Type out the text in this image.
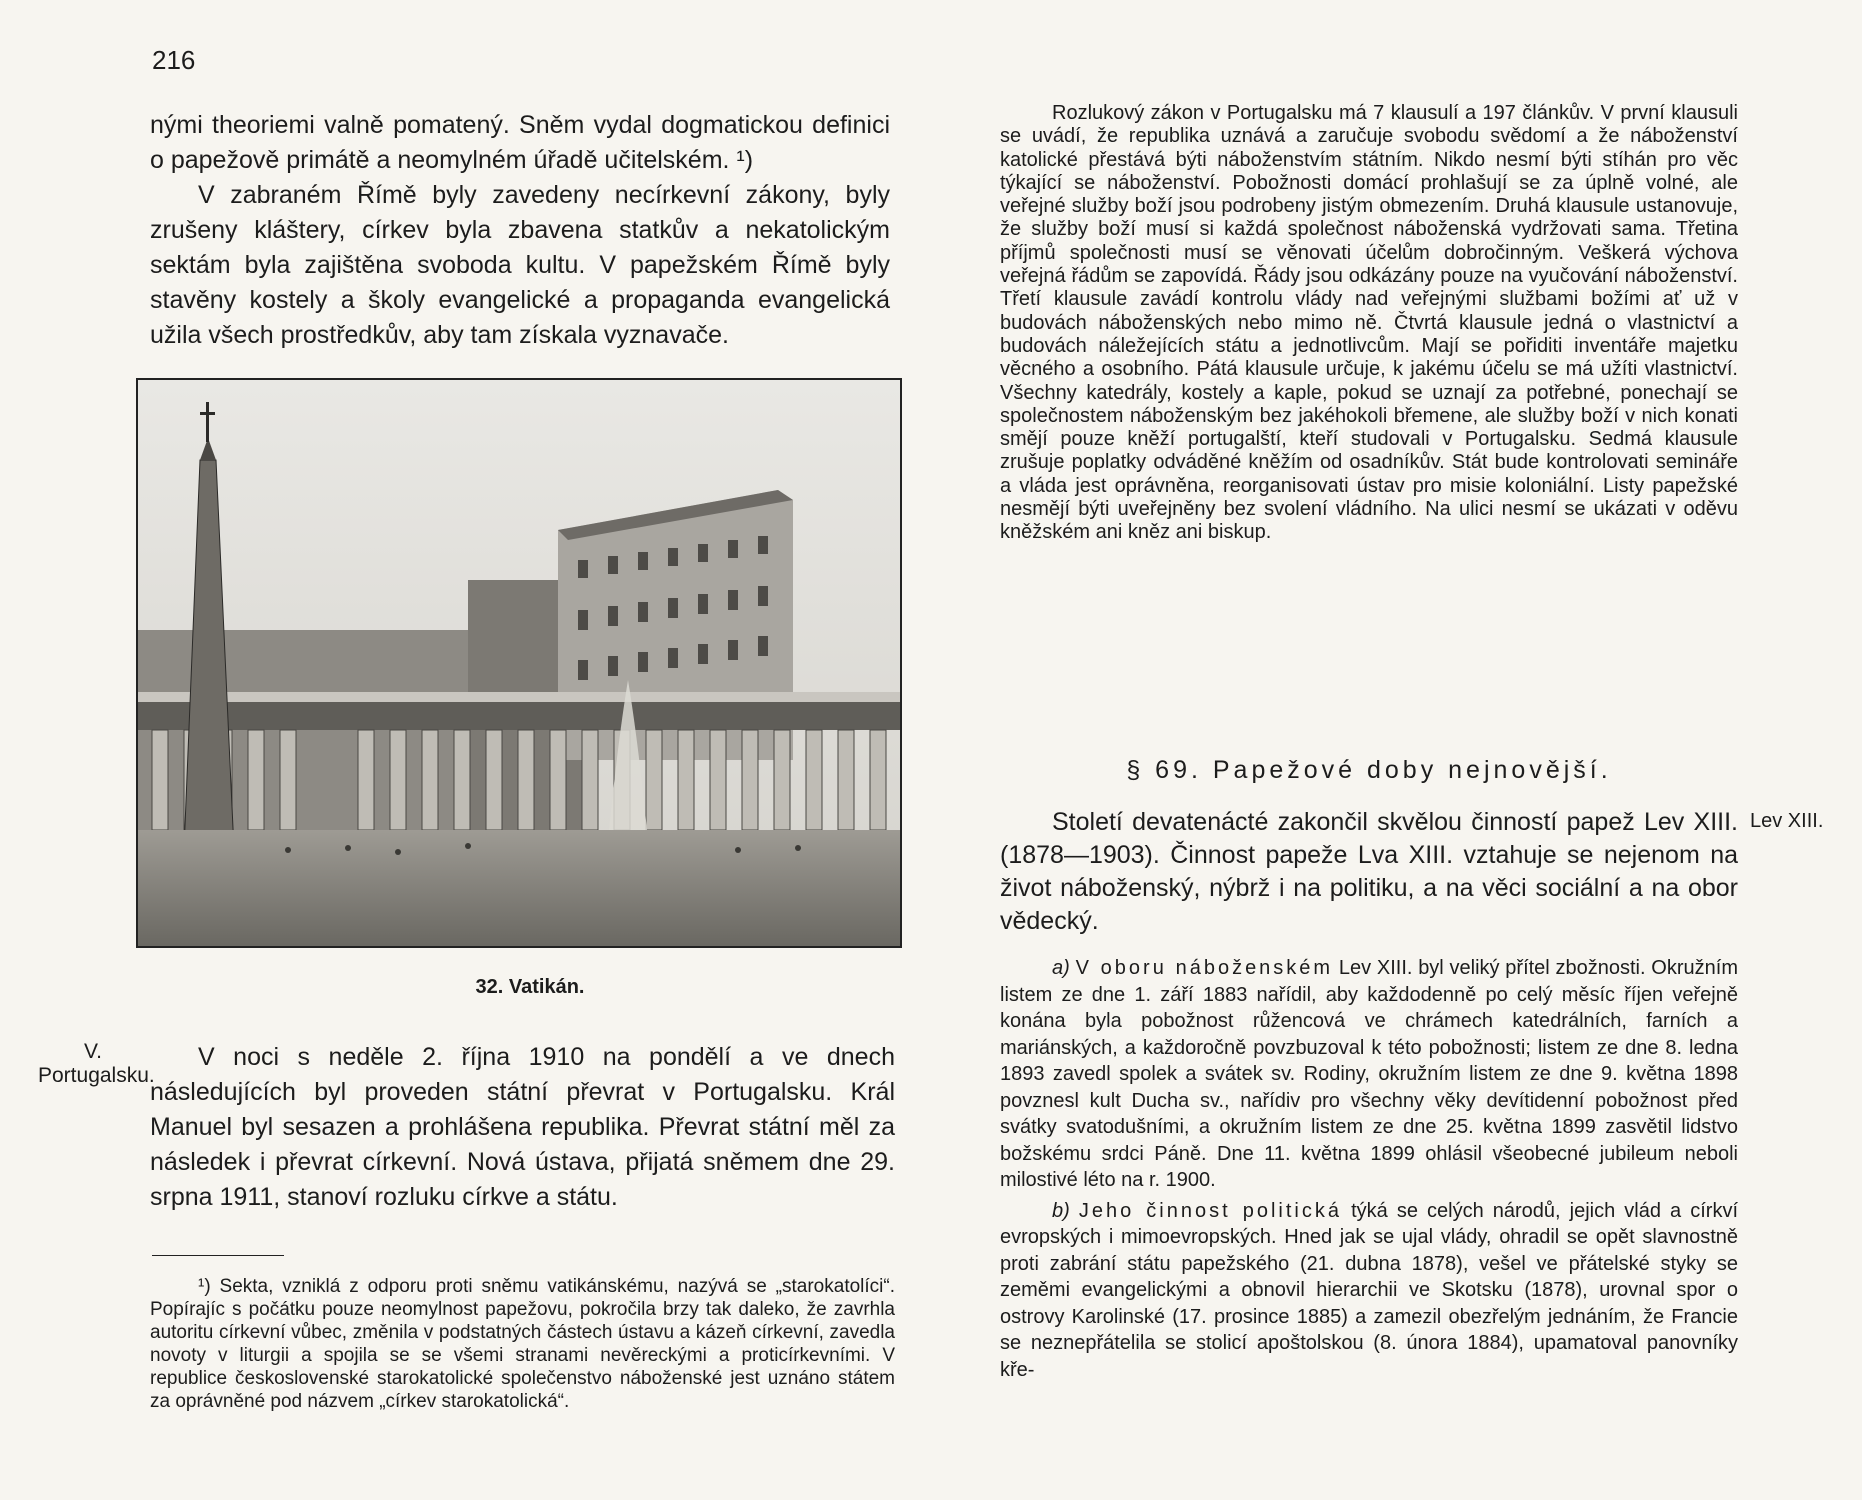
216

nými theoriemi valně pomatený. Sněm vydal dogmatickou definici o papežově primátě a neomylném úřadě učitelském. ¹)

V zabraném Římě byly zavedeny necírkevní zákony, byly zrušeny kláštery, církev byla zbavena statkův a nekatolickým sektám byla zajištěna svoboda kultu. V papežském Římě byly stavěny kostely a školy evangelické a propaganda evangelická užila všech prostředkův, aby tam získala vyznavače.

32. Vatikán.
V. Portugalsku.

V noci s neděle 2. října 1910 na pondělí a ve dnech následujících byl proveden státní převrat v Portugalsku. Král Manuel byl sesazen a prohlášena republika. Převrat státní měl za následek i převrat církevní. Nová ústava, přijatá sněmem dne 29. srpna 1911, stanoví rozluku církve a státu.

¹) Sekta, vzniklá z odporu proti sněmu vatikánskému, nazývá se „starokatolíci“. Popírajíc s počátku pouze neomylnost papežovu, pokročila brzy tak daleko, že zavrhla autoritu církevní vůbec, změnila v podstatných částech ústavu a kázeň církevní, zavedla novoty v liturgii a spojila se se všemi stranami nevěreckými a proticírkevními. V republice československé starokatolické společenstvo náboženské jest uznáno státem za oprávněné pod názvem „církev starokatolická“.

Rozlukový zákon v Portugalsku má 7 klausulí a 197 článkův. V první klausuli se uvádí, že republika uznává a zaručuje svobodu svědomí a že náboženství katolické přestává býti náboženstvím státním. Nikdo nesmí býti stíhán pro věc týkající se náboženství. Pobožnosti domácí prohlašují se za úplně volné, ale veřejné služby boží jsou podrobeny jistým obmezením. Druhá klausule ustanovuje, že služby boží musí si každá společnost náboženská vydržovati sama. Třetina příjmů společnosti musí se věnovati účelům dobročinným. Veškerá výchova veřejná řádům se zapovídá. Řády jsou odkázány pouze na vyučování náboženství. Třetí klausule zavádí kontrolu vlády nad veřejnými službami božími ať už v budovách náboženských nebo mimo ně. Čtvrtá klausule jedná o vlastnictví a budovách náležejících státu a jednotlivcům. Mají se pořiditi inventáře majetku věcného a osobního. Pátá klausule určuje, k jakému účelu se má užíti vlastnictví. Všechny katedrály, kostely a kaple, pokud se uznají za potřebné, ponechají se společnostem náboženským bez jakéhokoli břemene, ale služby boží v nich konati smějí pouze kněží portugalští, kteří studovali v Portugalsku. Sedmá klausule zrušuje poplatky odváděné kněžím od osadníkův. Stát bude kontrolovati semináře a vláda jest oprávněna, reorganisovati ústav pro misie koloniální. Listy papežské nesmějí býti uveřejněny bez svolení vládního. Na ulici nesmí se ukázati v oděvu kněžském ani kněz ani biskup.

§ 69. Papežové doby nejnovější.
Lev XIII.

Století devatenácté zakončil skvělou činností papež Lev XIII. (1878—1903). Činnost papeže Lva XIII. vztahuje se nejenom na život náboženský, nýbrž i na politiku, a na věci sociální a na obor vědecký.

a) V oboru náboženském Lev XIII. byl veliký přítel zbožnosti. Okružním listem ze dne 1. září 1883 nařídil, aby každodenně po celý měsíc říjen veřejně konána byla pobožnost růžencová ve chrámech katedrálních, farních a mariánských, a každoročně povzbuzoval k této pobožnosti; listem ze dne 8. ledna 1893 zavedl spolek a svátek sv. Rodiny, okružním listem ze dne 9. května 1898 povznesl kult Ducha sv., nařídiv pro všechny věky devítidenní pobožnost před svátky svatodušními, a okružním listem ze dne 25. května 1899 zasvětil lidstvo božskému srdci Páně. Dne 11. května 1899 ohlásil všeobecné jubileum neboli milostivé léto na r. 1900.

b) Jeho činnost politická týká se celých národů, jejich vlád a církví evropských i mimoevropských. Hned jak se ujal vlády, ohradil se opět slavnostně proti zabrání státu papežského (21. dubna 1878), vešel ve přátelské styky se zeměmi evangelickými a obnovil hierarchii ve Skotsku (1878), urovnal spor o ostrovy Karolinské (17. prosince 1885) a zamezil obezřelým jednáním, že Francie se neznepřátelila se stolicí apoštolskou (8. února 1884), upamatoval panovníky kře-
